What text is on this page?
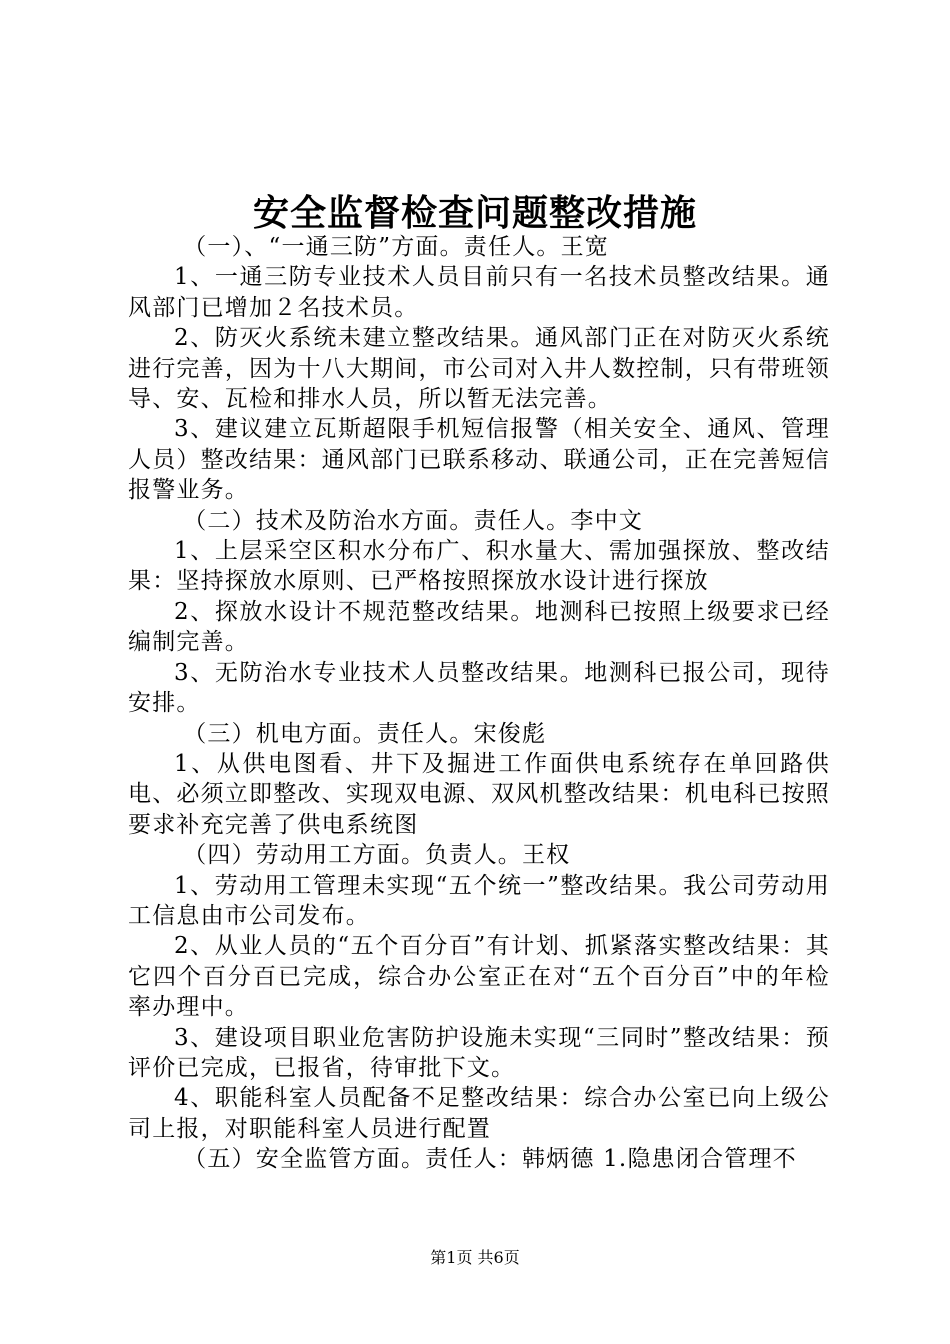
安全监督检查问题整改措施

（一）、“一通三防”方面。责任人。王宽

1、一通三防专业技术人员目前只有一名技术员整改结果。通风部门已增加２名技术员。

2、防灭火系统未建立整改结果。通风部门正在对防灭火系统进行完善，因为十八大期间，市公司对入井人数控制，只有带班领导、安、瓦检和排水人员，所以暂无法完善。

3、建议建立瓦斯超限手机短信报警（相关安全、通风、管理人员）整改结果：通风部门已联系移动、联通公司，正在完善短信报警业务。

（二）技术及防治水方面。责任人。李中文

1、上层采空区积水分布广、积水量大、需加强探放、整改结果：坚持探放水原则、已严格按照探放水设计进行探放

2、探放水设计不规范整改结果。地测科已按照上级要求已经编制完善。

3、无防治水专业技术人员整改结果。地测科已报公司，现待安排。

（三）机电方面。责任人。宋俊彪

1、从供电图看、井下及掘进工作面供电系统存在单回路供电、必须立即整改、实现双电源、双风机整改结果：机电科已按照要求补充完善了供电系统图

（四）劳动用工方面。负责人。王权

1、劳动用工管理未实现“五个统一”整改结果。我公司劳动用工信息由市公司发布。

2、从业人员的“五个百分百”有计划、抓紧落实整改结果：其它四个百分百已完成，综合办公室正在对“五个百分百”中的年检率办理中。

3、建设项目职业危害防护设施未实现“三同时”整改结果：预评价已完成，已报省，待审批下文。

4、职能科室人员配备不足整改结果：综合办公室已向上级公司上报，对职能科室人员进行配置

（五）安全监管方面。责任人：韩炳德 1.隐患闭合管理不

第1页 共6页
